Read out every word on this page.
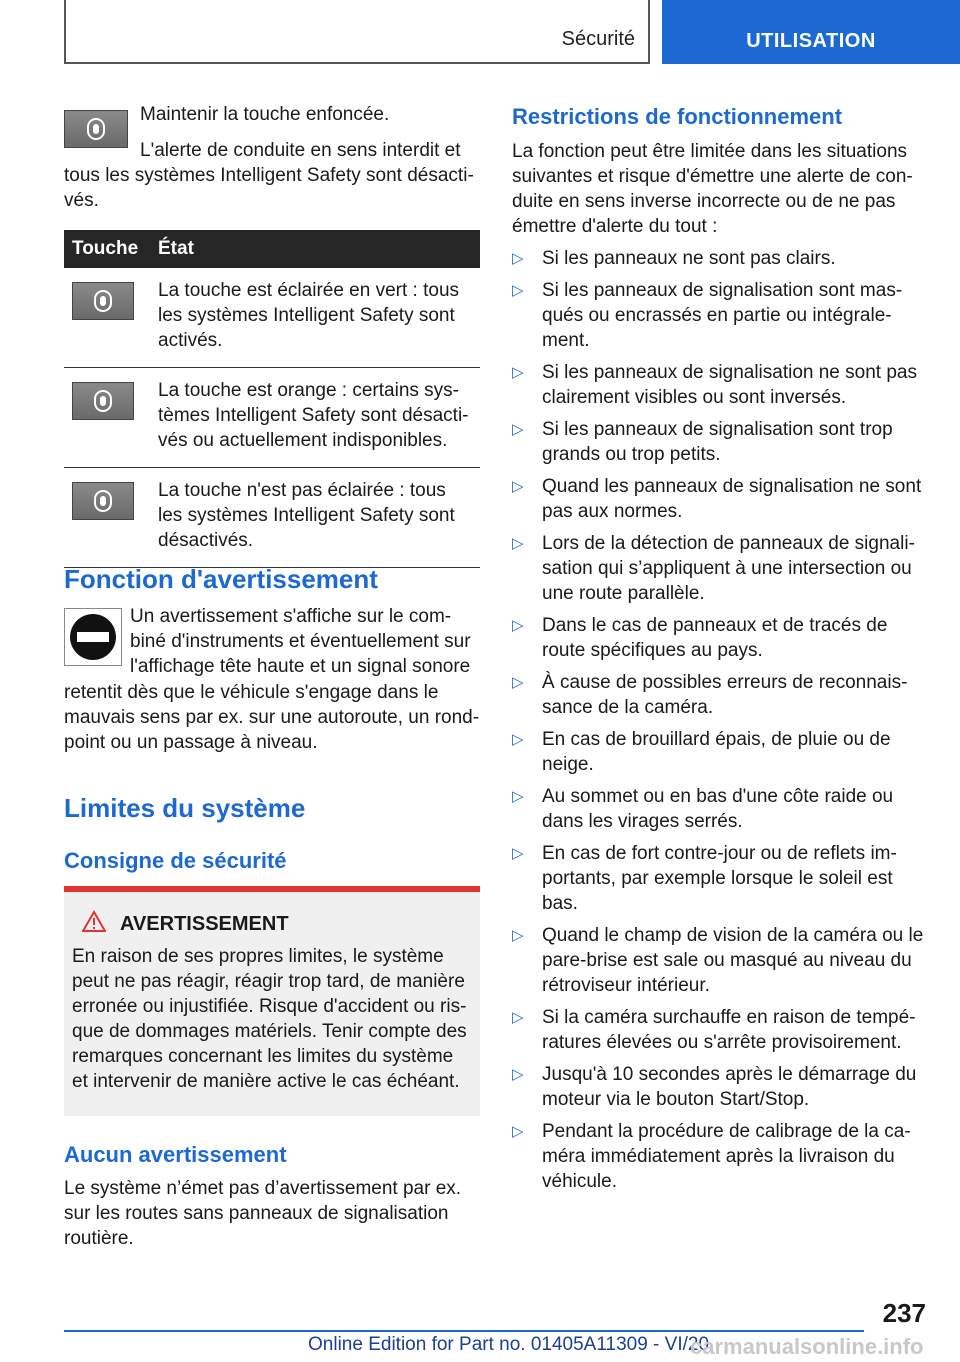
Sécurité	UTILISATION

Maintenir la touche enfoncée.

L'alerte de conduite en sens interdit et tous les systèmes Intelligent Safety sont désactivés.

Touche	État

	La touche est éclairée en vert : tous les systèmes Intelligent Safety sont activés.

	La touche est orange : certains systèmes Intelligent Safety sont désactivés ou actuellement indisponibles.

	La touche n'est pas éclairée : tous les systèmes Intelligent Safety sont désactivés.
Fonction d'avertissement

Un avertissement s'affiche sur le combiné d'instruments et éventuellement sur l'affichage tête haute et un signal sonore

retentit dès que le véhicule s'engage dans le mauvais sens par ex. sur une autoroute, un rond-point ou un passage à niveau.

Limites du système
Consigne de sécurité
AVERTISSEMENT

En raison de ses propres limites, le système peut ne pas réagir, réagir trop tard, de manière erronée ou injustifiée. Risque d'accident ou risque de dommages matériels. Tenir compte des remarques concernant les limites du système et intervenir de manière active le cas échéant.

Aucun avertissement

Le système n’émet pas d’avertissement par ex. sur les routes sans panneaux de signalisation routière.

Restrictions de fonctionnement

La fonction peut être limitée dans les situations suivantes et risque d'émettre une alerte de conduite en sens inverse incorrecte ou de ne pas émettre d'alerte du tout :

▷ Si les panneaux ne sont pas clairs.
▷ Si les panneaux de signalisation sont masqués ou encrassés en partie ou intégralement.
▷ Si les panneaux de signalisation ne sont pas clairement visibles ou sont inversés.
▷ Si les panneaux de signalisation sont trop grands ou trop petits.
▷ Quand les panneaux de signalisation ne sont pas aux normes.
▷ Lors de la détection de panneaux de signalisation qui s’appliquent à une intersection ou une route parallèle.
▷ Dans le cas de panneaux et de tracés de route spécifiques au pays.
▷ À cause de possibles erreurs de reconnaissance de la caméra.
▷ En cas de brouillard épais, de pluie ou de neige.
▷ Au sommet ou en bas d'une côte raide ou dans les virages serrés.
▷ En cas de fort contre-jour ou de reflets importants, par exemple lorsque le soleil est bas.
▷ Quand le champ de vision de la caméra ou le pare-brise est sale ou masqué au niveau du rétroviseur intérieur.
▷ Si la caméra surchauffe en raison de températures élevées ou s'arrête provisoirement.
▷ Jusqu'à 10 secondes après le démarrage du moteur via le bouton Start/Stop.
▷ Pendant la procédure de calibrage de la caméra immédiatement après la livraison du véhicule.
237
Online Edition for Part no. 01405A11309 - VI/20
carmanualsonline.info
